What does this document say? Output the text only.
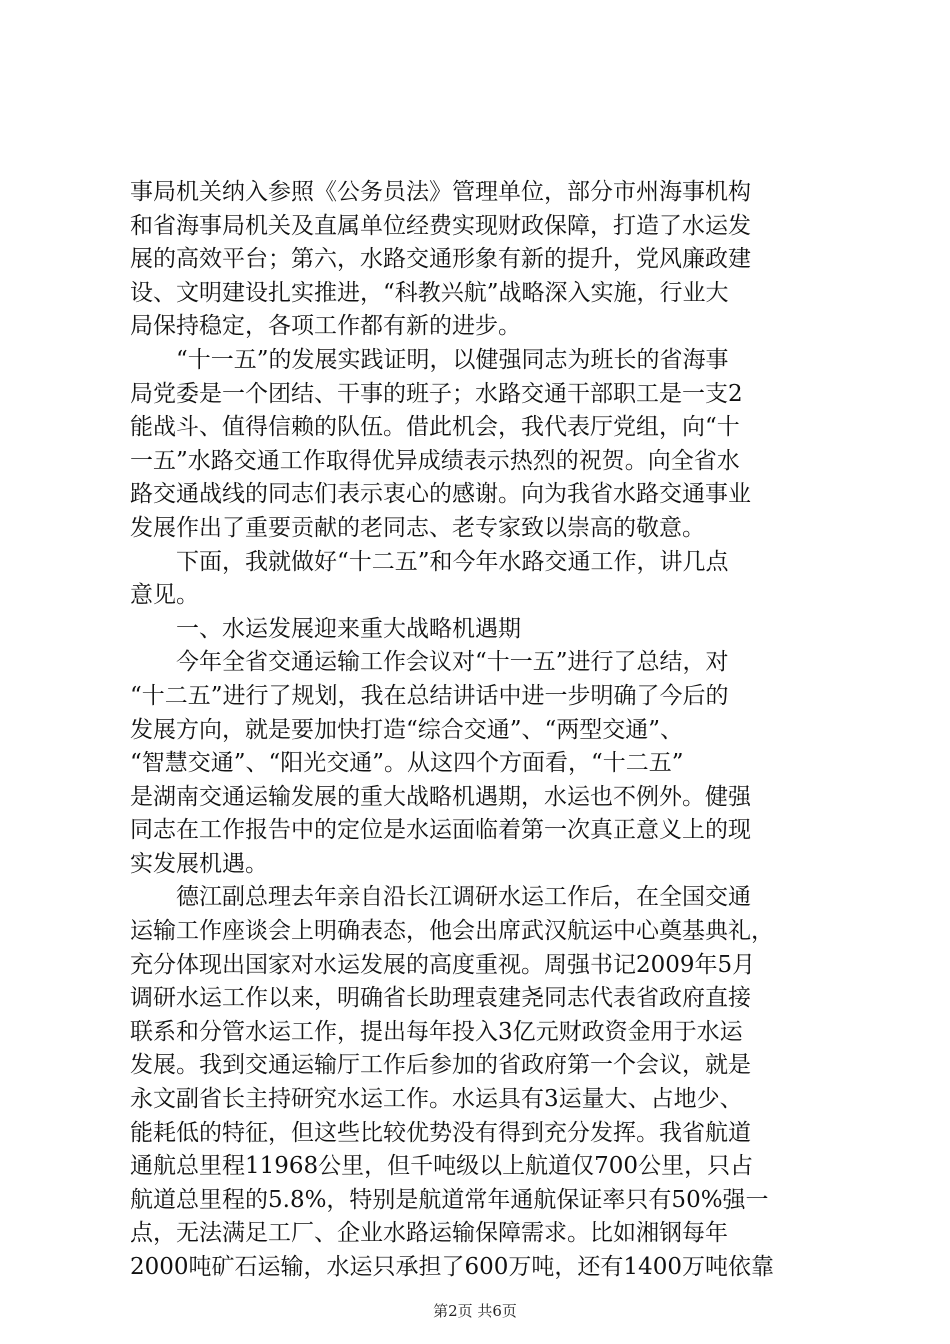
事局机关纳入参照《公务员法》管理单位，部分市州海事机构
和省海事局机关及直属单位经费实现财政保障，打造了水运发
展的高效平台；第六，水路交通形象有新的提升，党风廉政建
设、文明建设扎实推进，“科教兴航”战略深入实施，行业大
局保持稳定，各项工作都有新的进步。
　　“十一五”的发展实践证明，以健强同志为班长的省海事
局党委是一个团结、干事的班子；水路交通干部职工是一支2
能战斗、值得信赖的队伍。借此机会，我代表厅党组，向“十
一五”水路交通工作取得优异成绩表示热烈的祝贺。向全省水
路交通战线的同志们表示衷心的感谢。向为我省水路交通事业
发展作出了重要贡献的老同志、老专家致以崇高的敬意。
　　下面，我就做好“十二五”和今年水路交通工作，讲几点
意见。
　　一、水运发展迎来重大战略机遇期
　　今年全省交通运输工作会议对“十一五”进行了总结，对
“十二五”进行了规划，我在总结讲话中进一步明确了今后的
发展方向，就是要加快打造“综合交通”、“两型交通”、
“智慧交通”、“阳光交通”。从这四个方面看，“十二五”
是湖南交通运输发展的重大战略机遇期，水运也不例外。健强
同志在工作报告中的定位是水运面临着第一次真正意义上的现
实发展机遇。
　　德江副总理去年亲自沿长江调研水运工作后，在全国交通
运输工作座谈会上明确表态，他会出席武汉航运中心奠基典礼，
充分体现出国家对水运发展的高度重视。周强书记2009年5月
调研水运工作以来，明确省长助理袁建尧同志代表省政府直接
联系和分管水运工作，提出每年投入3亿元财政资金用于水运
发展。我到交通运输厅工作后参加的省政府第一个会议，就是
永文副省长主持研究水运工作。水运具有3运量大、占地少、
能耗低的特征，但这些比较优势没有得到充分发挥。我省航道
通航总里程11968公里，但千吨级以上航道仅700公里，只占
航道总里程的5.8%，特别是航道常年通航保证率只有50%强一
点，无法满足工厂、企业水路运输保障需求。比如湘钢每年
2000吨矿石运输，水运只承担了600万吨，还有1400万吨依靠
第2页 共6页
